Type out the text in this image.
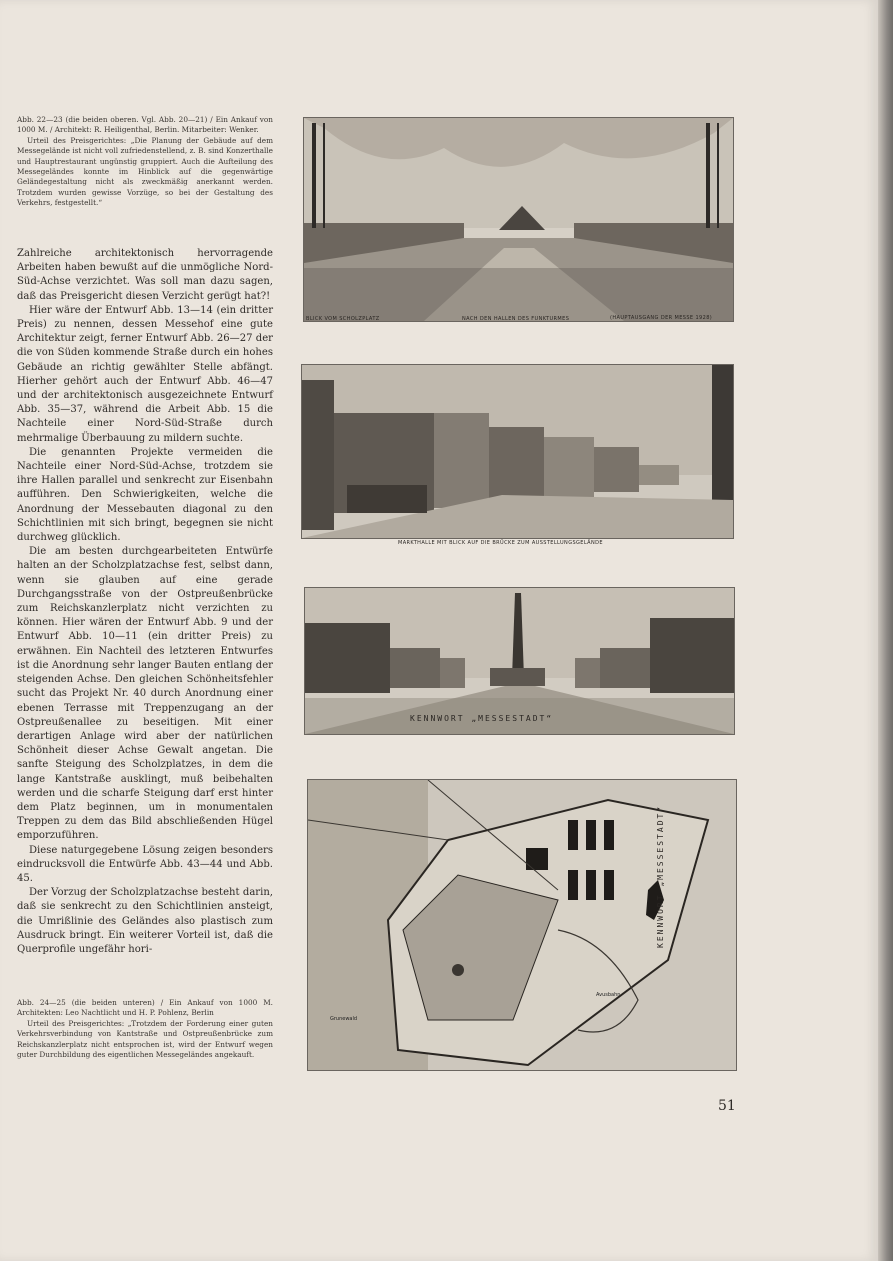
Abb. 22—23 (die beiden oberen. Vgl. Abb. 20—21) / Ein Ankauf von 1000 M. / Architekt: R. Heiligenthal, Berlin. Mitarbeiter: Wenker.

Urteil des Preisgerichtes: „Die Planung der Gebäude auf dem Messegelände ist nicht voll zufriedenstellend, z. B. sind Konzerthalle und Hauptrestaurant ungünstig gruppiert. Auch die Aufteilung des Messegeländes konnte im Hinblick auf die gegenwärtige Geländegestaltung nicht als zweckmäßig anerkannt werden. Trotzdem wurden gewisse Vorzüge, so bei der Gestaltung des Verkehrs, festgestellt.“

Zahlreiche architektonisch hervorragende Arbeiten haben bewußt auf die unmögliche Nord-Süd-Achse verzichtet. Was soll man dazu sagen, daß das Preisgericht diesen Verzicht gerügt hat?!

Hier wäre der Entwurf Abb. 13—14 (ein dritter Preis) zu nennen, dessen Messehof eine gute Architektur zeigt, ferner Entwurf Abb. 26—27 der die von Süden kommende Straße durch ein hohes Gebäude an richtig gewählter Stelle abfängt. Hierher gehört auch der Entwurf Abb. 46—47 und der architektonisch ausgezeichnete Entwurf Abb. 35—37, während die Arbeit Abb. 15 die Nachteile einer Nord-Süd-Straße durch mehrmalige Überbauung zu mildern suchte.

Die genannten Projekte vermeiden die Nachteile einer Nord-Süd-Achse, trotzdem sie ihre Hallen parallel und senkrecht zur Eisenbahn aufführen. Den Schwierigkeiten, welche die Anordnung der Messebauten diagonal zu den Schichtlinien mit sich bringt, begegnen sie nicht durchweg glücklich.

Die am besten durchgearbeiteten Entwürfe halten an der Scholzplatzachse fest, selbst dann, wenn sie glauben auf eine gerade Durchgangsstraße von der Ostpreußenbrücke zum Reichskanzlerplatz nicht verzichten zu können. Hier wären der Entwurf Abb. 9 und der Entwurf Abb. 10—11 (ein dritter Preis) zu erwähnen. Ein Nachteil des letzteren Entwurfes ist die Anordnung sehr langer Bauten entlang der steigenden Achse. Den gleichen Schönheitsfehler sucht das Projekt Nr. 40 durch Anordnung einer ebenen Terrasse mit Treppenzugang an der Ostpreußenallee zu beseitigen. Mit einer derartigen Anlage wird aber der natürlichen Schönheit dieser Achse Gewalt angetan. Die sanfte Steigung des Scholzplatzes, in dem die lange Kantstraße ausklingt, muß beibehalten werden und die scharfe Steigung darf erst hinter dem Platz beginnen, um in monumentalen Treppen zu dem das Bild abschließenden Hügel emporzuführen.

Diese naturgegebene Lösung zeigen besonders eindrucksvoll die Entwürfe Abb. 43—44 und Abb. 45.

Der Vorzug der Scholzplatzachse besteht darin, daß sie senkrecht zu den Schichtlinien ansteigt, die Umrißlinie des Geländes also plastisch zum Ausdruck bringt. Ein weiterer Vorteil ist, daß die Querprofile ungefähr hori-

Abb. 24—25 (die beiden unteren) / Ein Ankauf von 1000 M. Architekten: Leo Nachtlicht und H. P. Pohlenz, Berlin

Urteil des Preisgerichtes: „Trotzdem der Forderung einer guten Verkehrsverbindung von Kantstraße und Ostpreußenbrücke zum Reichskanzlerplatz nicht entsprochen ist, wird der Entwurf wegen guter Durchbildung des eigentlichen Messegeländes angekauft.

BLICK VOM SCHOLZPLATZ	NACH DEN HALLEN DES FUNKTURMES	(HAUPTAUSGANG DER MESSE 1928)
MARKTHALLE MIT BLICK AUF DIE BRÜCKE ZUM AUSSTELLUNGSGELÄNDE
KENNWORT „MESSESTADT“
Grunewald
Avusbahn
KENNWORT „MESSESTADT“
51
